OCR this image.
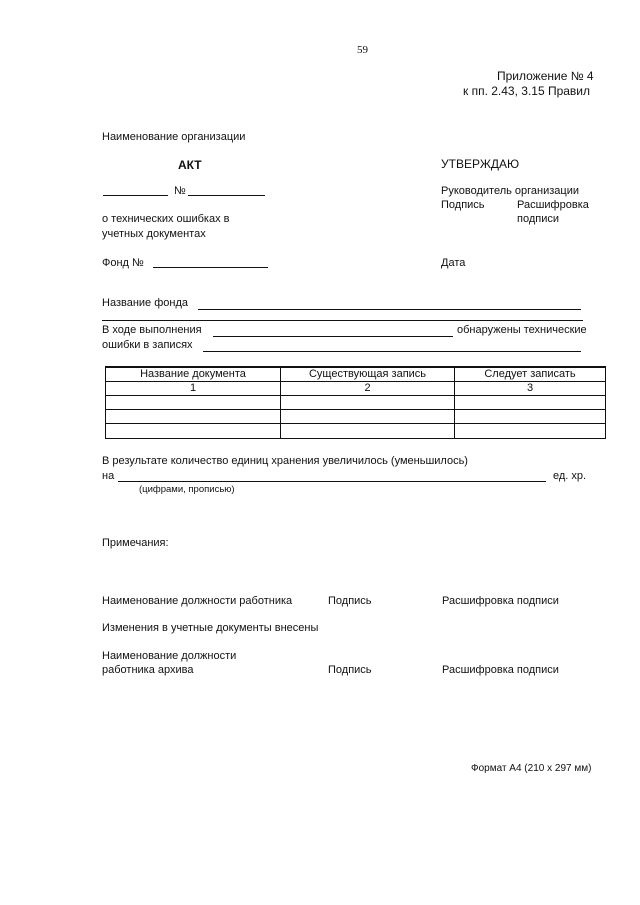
59
Приложение № 4
к пп. 2.43, 3.15 Правил
Наименование организации
АКТ
№
о технических ошибках в
учетных документах
Фонд №
УТВЕРЖДАЮ
Руководитель организации
Подпись	Расшифровка
подписи
Дата
Название фонда
В ходе выполнения	обнаружены технические
ошибки в записях
Название документа	Существующая запись	Следует записать
1	2	3

В результате количество единиц хранения увеличилось (уменьшилось)
на	ед. хр.
(цифрами, прописью)
Примечания:
Наименование должности работника	Подпись	Расшифровка подписи
Изменения в учетные документы внесены
Наименование должности
работника архива	Подпись	Расшифровка подписи
Формат А4 (210 х 297 мм)
